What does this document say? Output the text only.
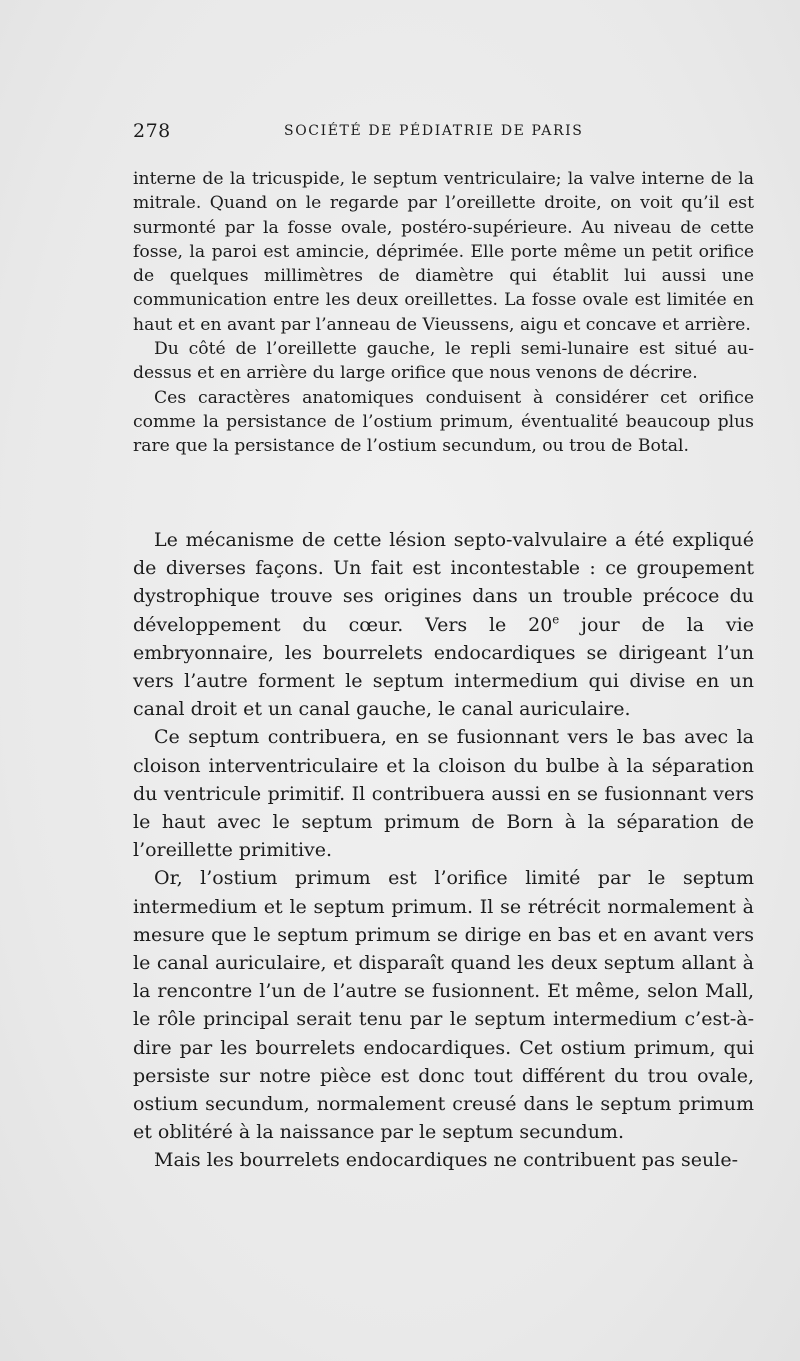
278	SOCIÉTÉ DE PÉDIATRIE DE PARIS

interne de la tricuspide, le septum ventriculaire; la valve interne de la mitrale. Quand on le regarde par l’oreillette droite, on voit qu’il est surmonté par la fosse ovale, postéro-supérieure. Au niveau de cette fosse, la paroi est amincie, déprimée. Elle porte même un petit orifice de quelques millimètres de diamètre qui établit lui aussi une communication entre les deux oreillettes. La fosse ovale est limitée en haut et en avant par l’anneau de Vieussens, aigu et concave et arrière.

Du côté de l’oreillette gauche, le repli semi-lunaire est situé au-dessus et en arrière du large orifice que nous venons de décrire.

Ces caractères anatomiques conduisent à considérer cet orifice comme la persistance de l’ostium primum, éventualité beaucoup plus rare que la persistance de l’ostium secundum, ou trou de Botal.

Le mécanisme de cette lésion septo-valvulaire a été expliqué de diverses façons. Un fait est incontestable : ce groupement dystrophique trouve ses origines dans un trouble précoce du développement du cœur. Vers le 20e jour de la vie embryonnaire, les bourrelets endocardiques se dirigeant l’un vers l’autre forment le septum intermedium qui divise en un canal droit et un canal gauche, le canal auriculaire.

Ce septum contribuera, en se fusionnant vers le bas avec la cloison interventriculaire et la cloison du bulbe à la séparation du ventricule primitif. Il contribuera aussi en se fusionnant vers le haut avec le septum primum de Born à la séparation de l’oreillette primitive.

Or, l’ostium primum est l’orifice limité par le septum intermedium et le septum primum. Il se rétrécit normalement à mesure que le septum primum se dirige en bas et en avant vers le canal auriculaire, et disparaît quand les deux septum allant à la rencontre l’un de l’autre se fusionnent. Et même, selon Mall, le rôle principal serait tenu par le septum intermedium c’est-à-dire par les bourrelets endocardiques. Cet ostium primum, qui persiste sur notre pièce est donc tout différent du trou ovale, ostium secundum, normalement creusé dans le septum primum et oblitéré à la naissance par le septum secundum.

Mais les bourrelets endocardiques ne contribuent pas seule-
